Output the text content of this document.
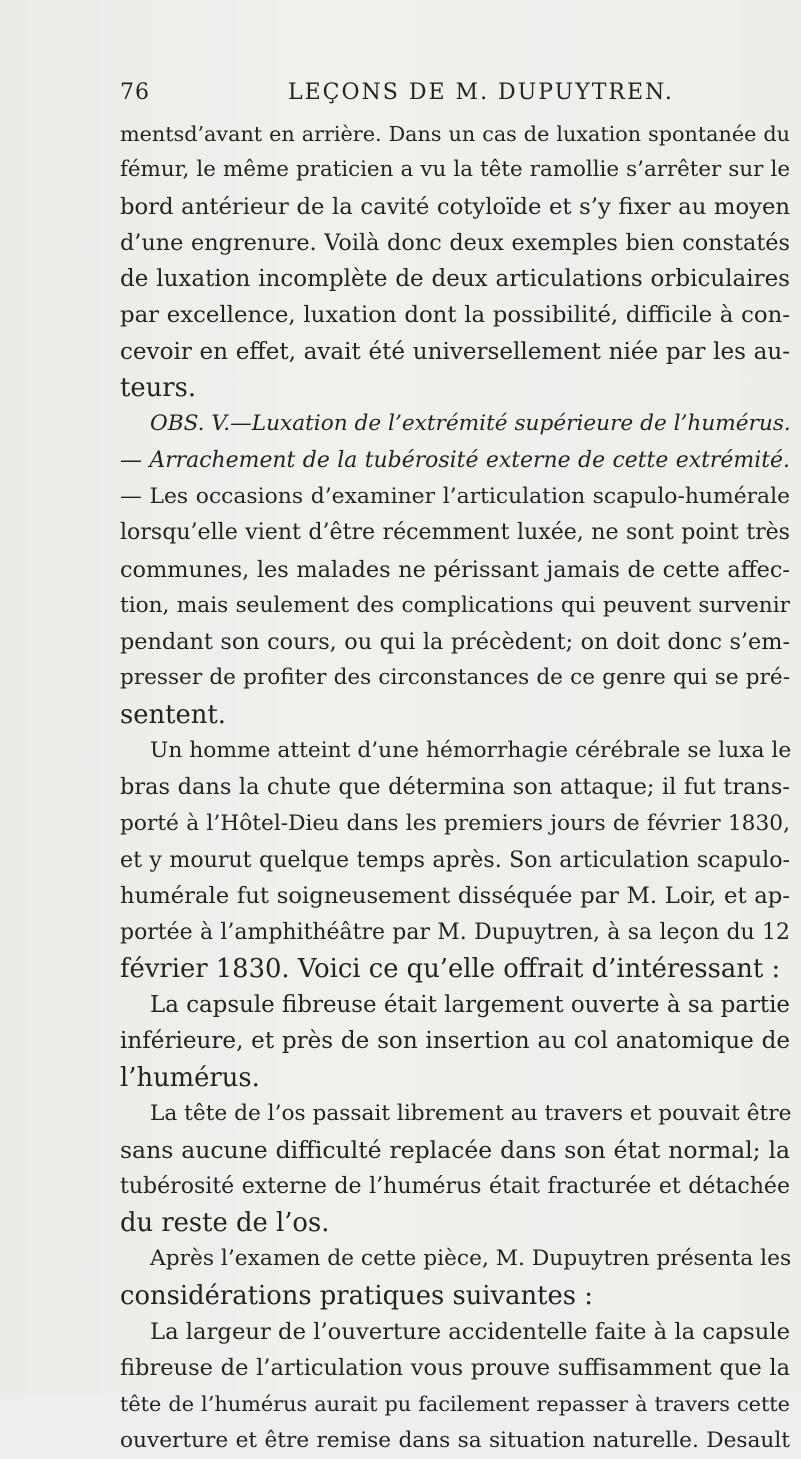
76	LEÇONS DE M. DUPUYTREN.
mentsd’avant en arrière. Dans un cas de luxation spontanée du
fémur, le même praticien a vu la tête ramollie s’arrêter sur le
bord antérieur de la cavité cotyloïde et s’y fixer au moyen
d’une engrenure. Voilà donc deux exemples bien constatés
de luxation incomplète de deux articulations orbiculaires
par excellence, luxation dont la possibilité, difficile à con-
cevoir en effet, avait été universellement niée par les au-
teurs.
OBS. V.—Luxation de l’extrémité supérieure de l’humérus.
— Arrachement de la tubérosité externe de cette extrémité.
— Les occasions d’examiner l’articulation scapulo-humérale
lorsqu’elle vient d’être récemment luxée, ne sont point très
communes, les malades ne périssant jamais de cette affec-
tion, mais seulement des complications qui peuvent survenir
pendant son cours, ou qui la précèdent; on doit donc s’em-
presser de profiter des circonstances de ce genre qui se pré-
sentent.
Un homme atteint d’une hémorrhagie cérébrale se luxa le
bras dans la chute que détermina son attaque; il fut trans-
porté à l’Hôtel-Dieu dans les premiers jours de février 1830,
et y mourut quelque temps après. Son articulation scapulo-
humérale fut soigneusement disséquée par M. Loir, et ap-
portée à l’amphithéâtre par M. Dupuytren, à sa leçon du 12
février 1830. Voici ce qu’elle offrait d’intéressant :
La capsule fibreuse était largement ouverte à sa partie
inférieure, et près de son insertion au col anatomique de
l’humérus.
La tête de l’os passait librement au travers et pouvait être
sans aucune difficulté replacée dans son état normal; la
tubérosité externe de l’humérus était fracturée et détachée
du reste de l’os.
Après l’examen de cette pièce, M. Dupuytren présenta les
considérations pratiques suivantes :
La largeur de l’ouverture accidentelle faite à la capsule
fibreuse de l’articulation vous prouve suffisamment que la
tête de l’humérus aurait pu facilement repasser à travers cette
ouverture et être remise dans sa situation naturelle. Desault
